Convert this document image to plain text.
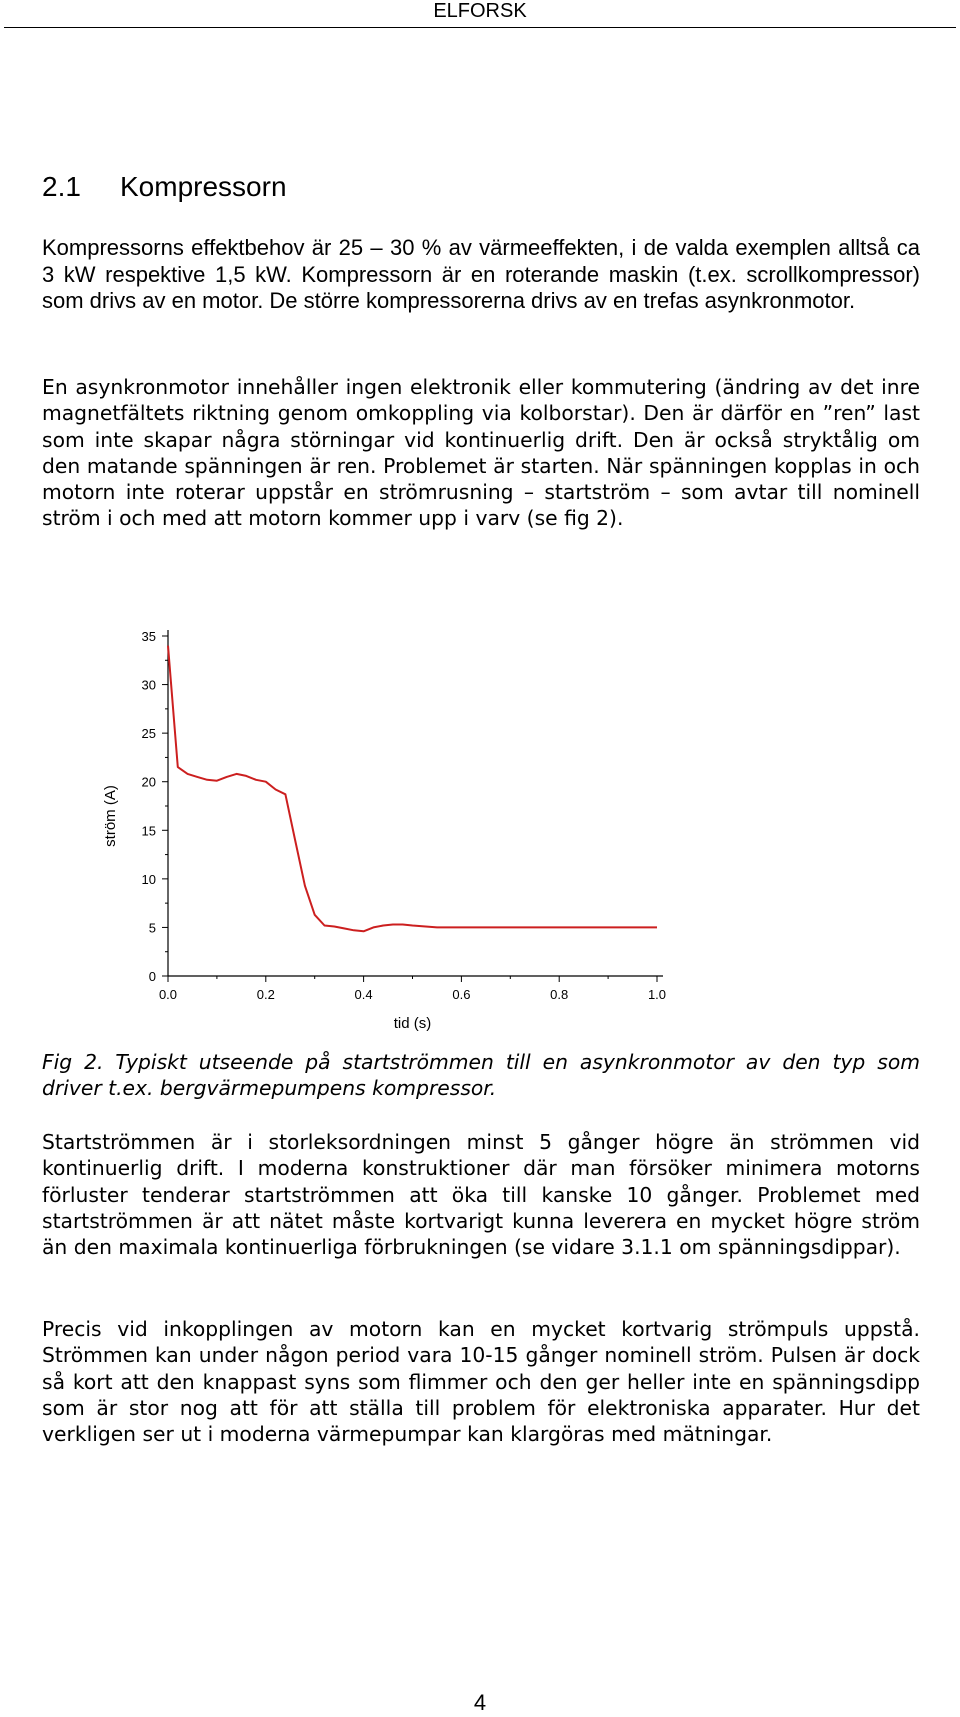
ELFORSK
2.1 Kompressorn

Kompressorns effektbehov är 25 – 30 % av värmeeffekten, i de valda exemplen alltså ca 3 kW respektive 1,5 kW. Kompressorn är en roterande maskin (t.ex. scrollkompressor) som drivs av en motor. De större kompressorerna drivs av en trefas asynkronmotor.

En asynkronmotor innehåller ingen elektronik eller kommutering (ändring av det inre magnetfältets riktning genom omkoppling via kolborstar). Den är därför en ”ren” last som inte skapar några störningar vid kontinuerlig drift. Den är också stryktålig om den matande spänningen är ren. Problemet är starten. När spänningen kopplas in och motorn inte roterar uppstår en strömrusning – startström – som avtar till nominell ström i och med att motorn kommer upp i varv (se fig 2).

0
5
10
15
20
25
30
35
0.0	0.2	0.4	0.6	0.8	1.0
tid (s)
ström (A)

Fig 2. Typiskt utseende på startströmmen till en asynkronmotor av den typ som driver t.ex. bergvärmepumpens kompressor.

Startströmmen är i storleksordningen minst 5 gånger högre än strömmen vid kontinuerlig drift. I moderna konstruktioner där man försöker minimera motorns förluster tenderar startströmmen att öka till kanske 10 gånger. Problemet med startströmmen är att nätet måste kortvarigt kunna leverera en mycket högre ström än den maximala kontinuerliga förbrukningen (se vidare 3.1.1 om spänningsdippar).

Precis vid inkopplingen av motorn kan en mycket kortvarig strömpuls uppstå. Strömmen kan under någon period vara 10-15 gånger nominell ström. Pulsen är dock så kort att den knappast syns som flimmer och den ger heller inte en spänningsdipp som är stor nog att för att ställa till problem för elektroniska apparater. Hur det verkligen ser ut i moderna värmepumpar kan klargöras med mätningar.

4
